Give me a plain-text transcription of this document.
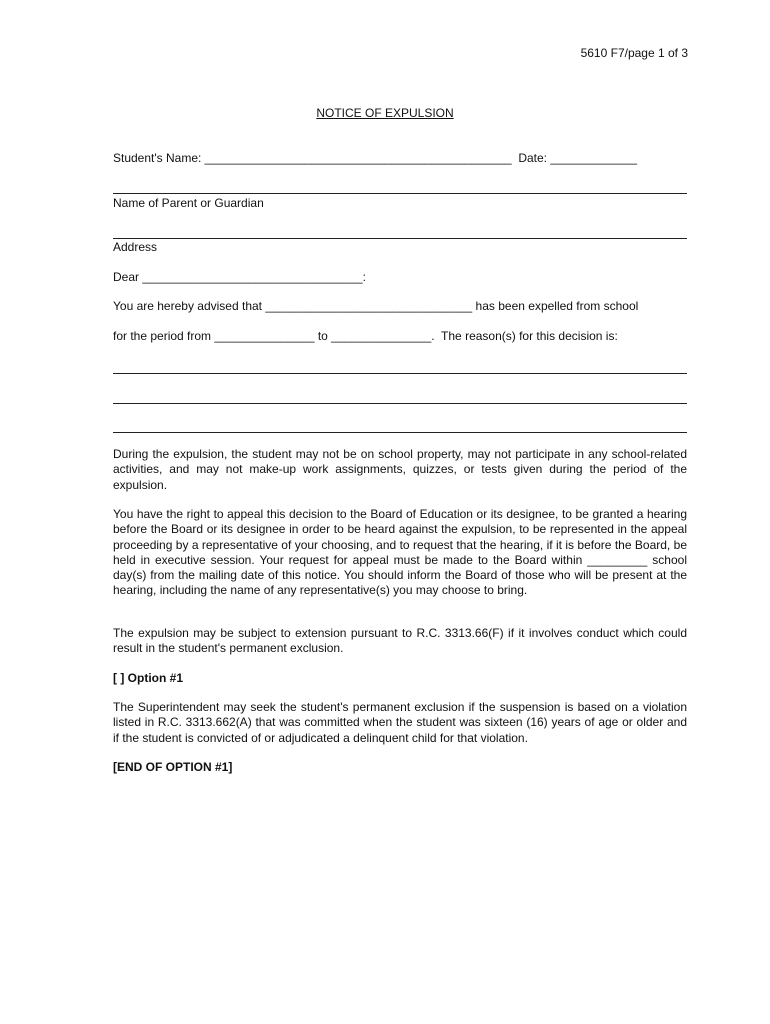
5610 F7/page 1 of 3
NOTICE OF EXPULSION
Student's Name: ______________________________________________  Date: _____________
Name of Parent or Guardian
Address
Dear _________________________________:
You are hereby advised that _______________________________ has been expelled from school
for the period from _______________ to _______________.  The reason(s) for this decision is:
During the expulsion, the student may not be on school property, may not participate in any school-related activities, and may not make-up work assignments, quizzes, or tests given during the period of the expulsion.
You have the right to appeal this decision to the Board of Education or its designee, to be granted a hearing before the Board or its designee in order to be heard against the expulsion, to be represented in the appeal proceeding by a representative of your choosing, and to request that the hearing, if it is before the Board, be held in executive session. Your request for appeal must be made to the Board within _________ school day(s) from the mailing date of this notice. You should inform the Board of those who will be present at the hearing, including the name of any representative(s) you may choose to bring.
The expulsion may be subject to extension pursuant to R.C. 3313.66(F) if it involves conduct which could result in the student's permanent exclusion.
[ ] Option #1
The Superintendent may seek the student's permanent exclusion if the suspension is based on a violation listed in R.C. 3313.662(A) that was committed when the student was sixteen (16) years of age or older and if the student is convicted of or adjudicated a delinquent child for that violation.
[END OF OPTION #1]
